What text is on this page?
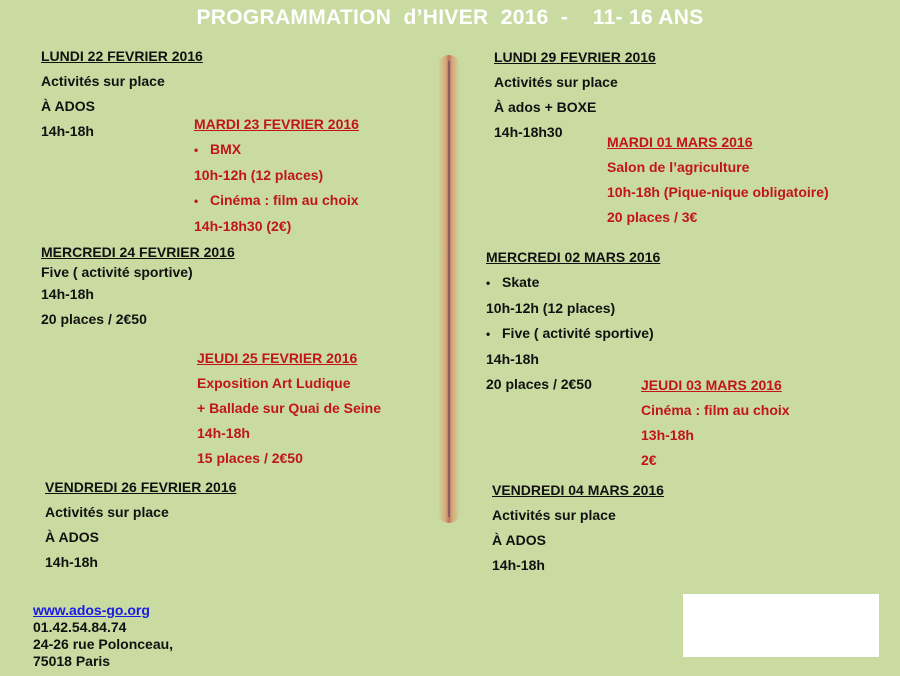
PROGRAMMATION  d’HIVER  2016  -    11- 16 ANS
LUNDI 22 FEVRIER 2016
Activités sur place
À ADOS
14h-18h	MARDI 23 FEVRIER 2016
• BMX
10h-12h (12 places)
• Cinéma : film au choix
14h-18h30 (2€)
MERCREDI 24 FEVRIER 2016
Five ( activité sportive)
14h-18h
20 places / 2€50
JEUDI 25 FEVRIER 2016
Exposition Art Ludique
+ Ballade sur Quai de Seine
14h-18h
15 places / 2€50
VENDREDI 26 FEVRIER 2016
Activités sur place
À ADOS
14h-18h
LUNDI 29 FEVRIER 2016
Activités sur place
À ados + BOXE
14h-18h30
MARDI 01 MARS 2016
Salon de l’agriculture
10h-18h (Pique-nique obligatoire)
20 places / 3€
MERCREDI 02 MARS 2016
• Skate
10h-12h (12 places)
• Five ( activité sportive)
14h-18h
20 places / 2€50	JEUDI 03 MARS 2016
Cinéma : film au choix
13h-18h
2€
VENDREDI 04 MARS 2016
Activités sur place
À ADOS
14h-18h
www.ados-go.org
01.42.54.84.74
24-26 rue Polonceau,
75018 Paris
